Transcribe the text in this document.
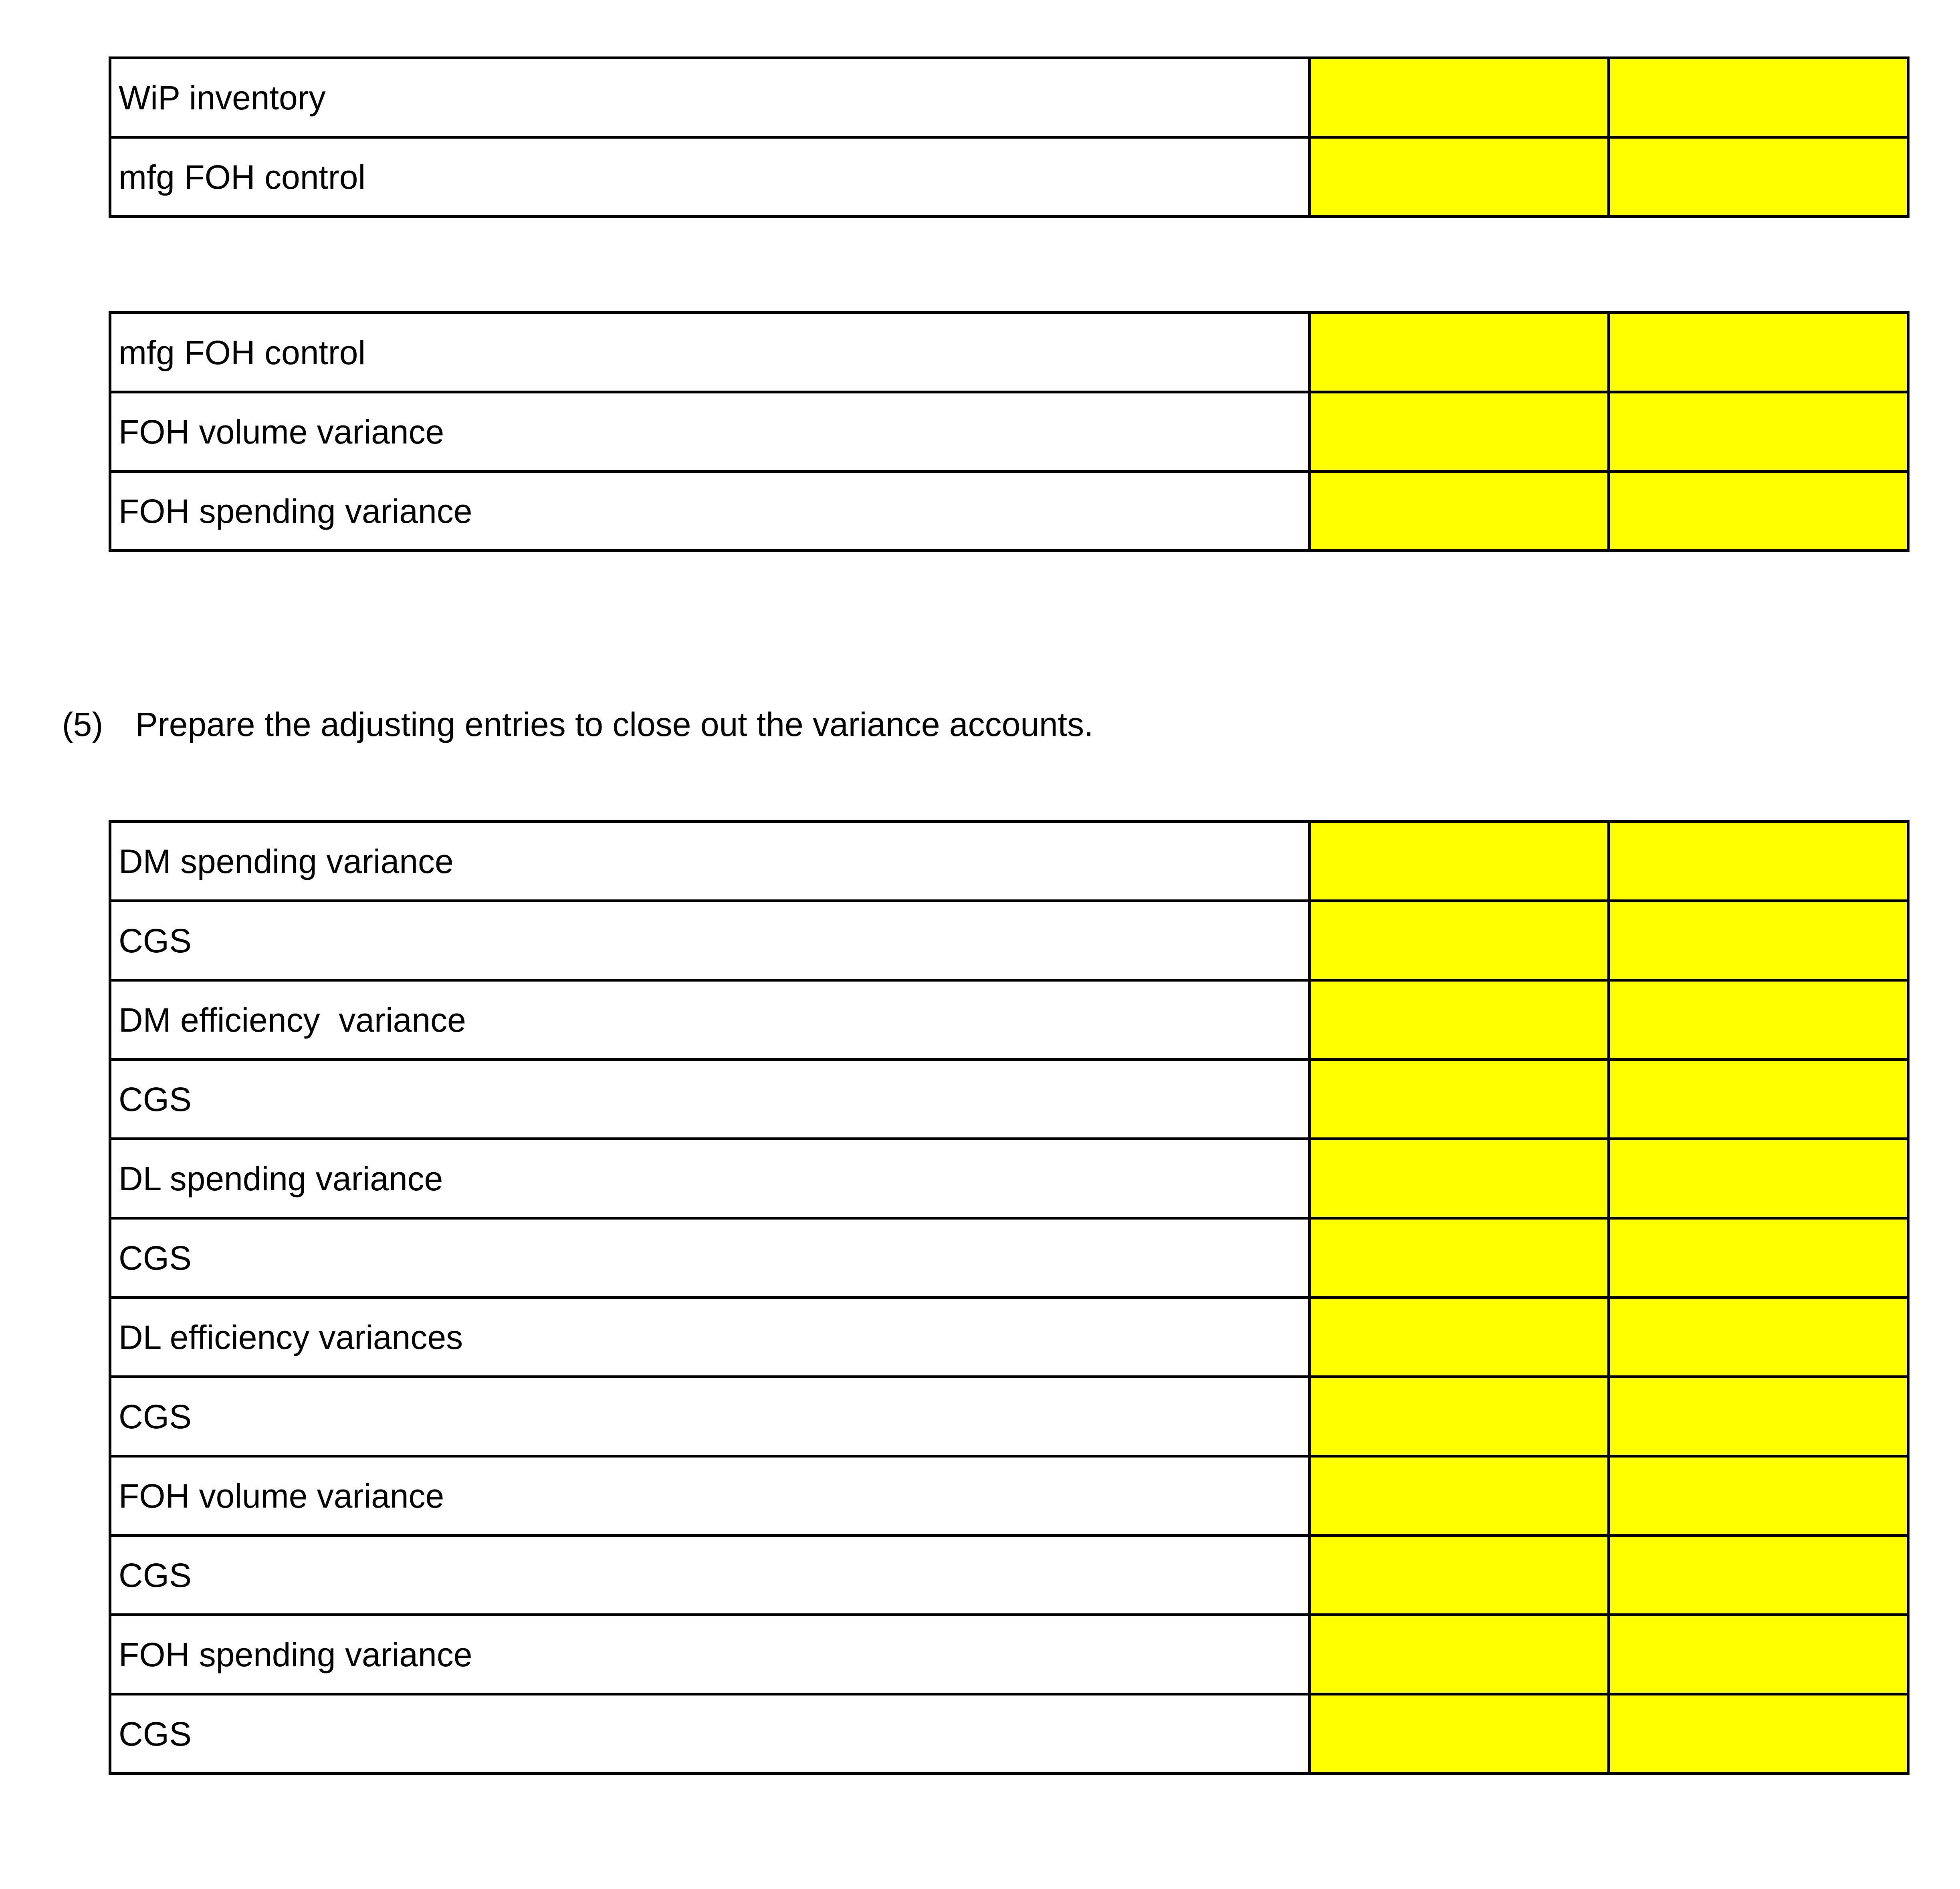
WiP inventory		
mfg FOH control		
mfg FOH control		
FOH volume variance		
FOH spending variance		

(5) Prepare the adjusting entries to close out the variance accounts.

DM spending variance		
CGS		
DM efficiency  variance		
CGS		
DL spending variance		
CGS		
DL efficiency variances		
CGS		
FOH volume variance		
CGS		
FOH spending variance		
CGS		
